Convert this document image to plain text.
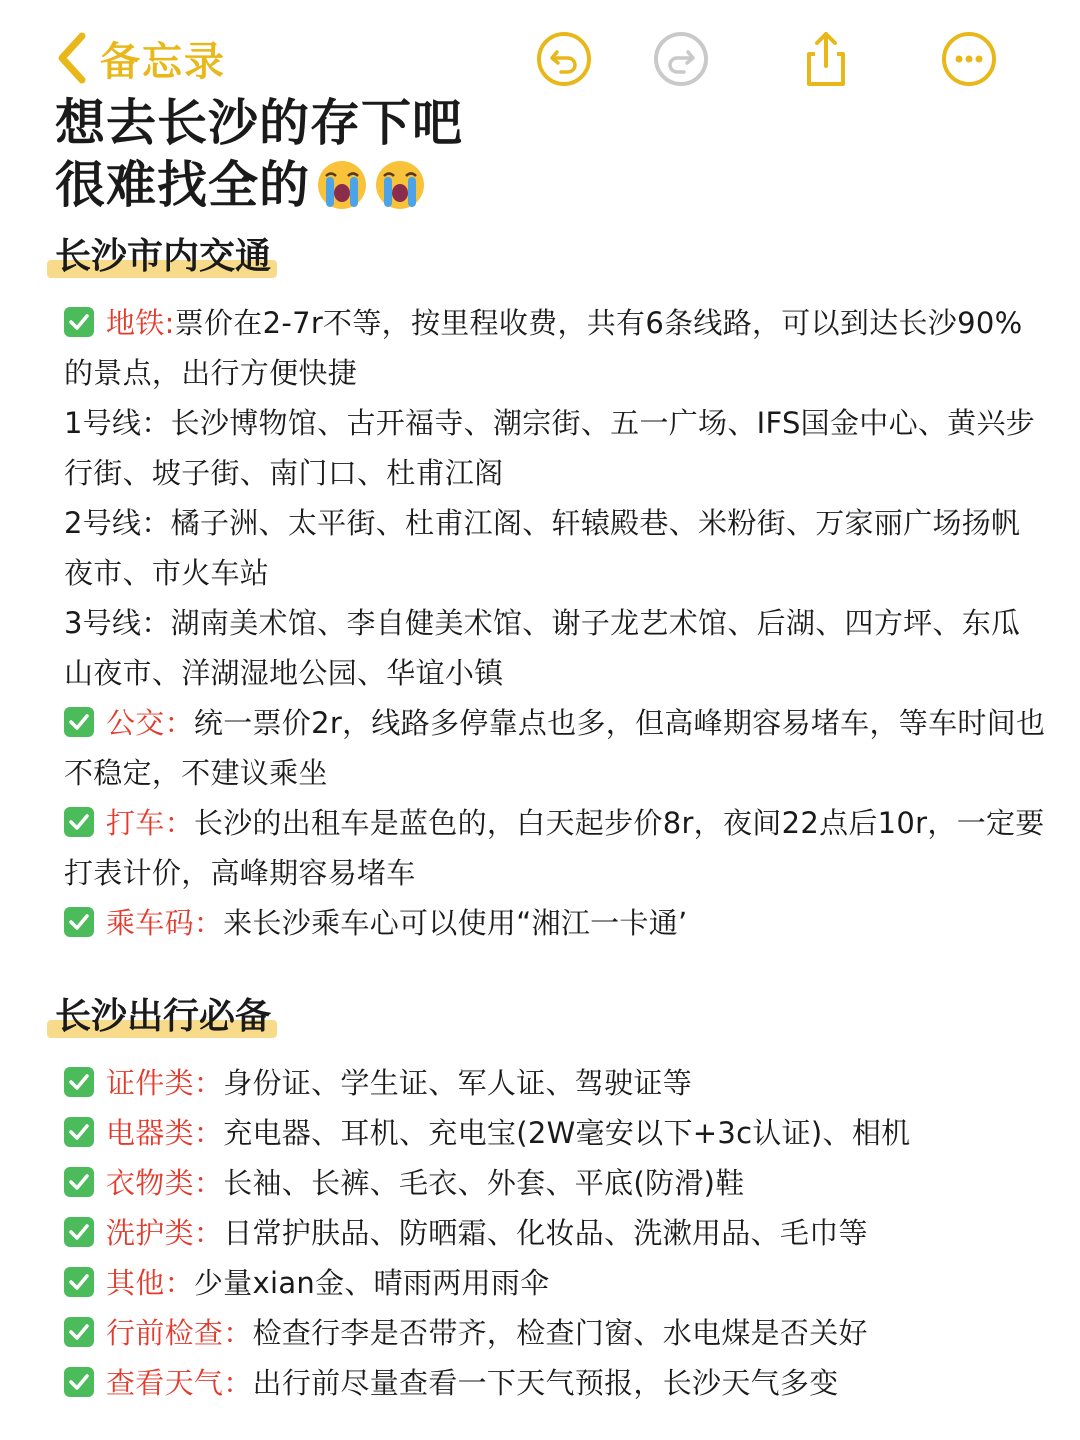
备忘录
想去长沙的存下吧
很难找全的
长沙市内交通
地铁:票价在2-7r不等，按里程收费，共有6条线路，可以到达长沙90%的景点，出行方便快捷
1号线：长沙博物馆、古开福寺、潮宗街、五一广场、IFS国金中心、黄兴步行街、坡子街、南门口、杜甫江阁
2号线：橘子洲、太平街、杜甫江阁、轩辕殿巷、米粉街、万家丽广场扬帆夜市、市火车站
3号线：湖南美术馆、李自健美术馆、谢子龙艺术馆、后湖、四方坪、东瓜山夜市、洋湖湿地公园、华谊小镇
公交：统一票价2r，线路多停靠点也多，但高峰期容易堵车，等车时间也不稳定，不建议乘坐
打车：长沙的出租车是蓝色的，白天起步价8r，夜间22点后10r，一定要打表计价，高峰期容易堵车
乘车码：来长沙乘车心可以使用“湘江一卡通’
长沙出行必备
证件类：身份证、学生证、军人证、驾驶证等
电器类：充电器、耳机、充电宝(2W毫安以下+3c认证)、相机
衣物类：长袖、长裤、毛衣、外套、平底(防滑)鞋
洗护类：日常护肤品、防晒霜、化妆品、洗漱用品、毛巾等
其他：少量xian金、晴雨两用雨伞
行前检查：检查行李是否带齐，检查门窗、水电煤是否关好
查看天气：出行前尽量查看一下天气预报，长沙天气多变
